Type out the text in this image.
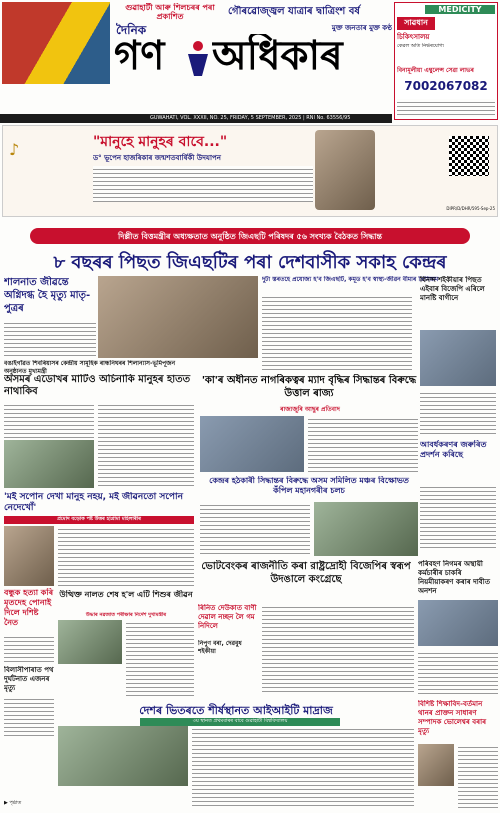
গুৱাহাটী আৰু শিলচৰৰ পৰা প্ৰকাশিত	গৌৰৱোজ্জ্বল যাত্ৰাৰ দ্বাত্ৰিংশ বৰ্ষ
মুক্ত জনতাৰ মুক্ত কণ্ঠ
দৈনিক
গণ	অধিকাৰ
MEDICITY
সাৱধান
চিকিৎসালয়
কেৱল অতি নিৰ্ভৰযোগ্য
বিনামূলীয়া এম্বুলেন্স সেৱা লাভৰ
7002067082
GUWAHATI, VOL. XXXII, NO. 25, FRIDAY, 5 SEPTEMBER, 2025 | RNI No. 63556/95
♪	"মানুহে মানুহৰ বাবে..."
ড° ভূপেন হাজৰিকাৰ জন্মশতবাৰ্ষিকী উদযাপন
DIPR/D/DHR/595-Sep-25
দিল্লীত বিত্তমন্ত্ৰীৰ অধ্যক্ষতাত অনুষ্ঠিত জিএছটি পৰিষদৰ ৫৬ সংখ্যক বৈঠকত সিদ্ধান্ত
৮ বছৰৰ পিছত জিএছটিৰ পৰা দেশবাসীক সকাহ কেন্দ্ৰৰ
শালনাত জীৱন্তে অগ্নিদগ্ধ হৈ মৃত্যু মাতৃ-পুত্ৰৰ
বঙাইগাঁৱত শিবৰিয়াসৰ কেন্দ্ৰীয় সামূহিক ৰান্ধনিঘৰৰ শিলান্যাস-ভূমিপূজন অনুষ্ঠানত মুখ্যমন্ত্ৰী
দুটা স্তৰতহে প্ৰযোজ্য হ'ব জিএছটি, কমূড হ'ব স্বাস্থ্য-জীৱন বীমাৰ প্ৰিমিয়াম
বিনন্দ শইকীয়াৰ পিছত এইবাৰ বিজেপি এৰিলে মানষ্টি বাগীনে
আবৰ্ধকৰণৰ জৰুৰিত প্ৰদৰ্শন কৰিছে
অসমৰ এডোখৰ মাটিও অচিনাকি মানুহৰ হাতত নাথাকিব
'কা'ৰ অধীনত নাগৰিকত্বৰ ম্যাদ বৃদ্ধিৰ সিদ্ধান্তৰ বিৰুদ্ধে উত্তাল ৰাজ্য
ৰাজ্যজুৰি আছুৰ প্ৰতিবাদ
'মই সপোন দেখা মানুহ নহয়, মই জীৱনতো সপোন নেদেখোঁ'
প্ৰমোদ বড়োক পষ্ট উত্তৰ হাগ্ৰামা মহিলাৰীৰ
কেন্দ্ৰৰ হঠকাৰী সিদ্ধান্তৰ বিৰুদ্ধে অসম সমিলিত মঞ্চৰ বিক্ষোভত কঁপিল মহানগৰীৰ চলচ
বন্ধুক হত্যা কৰি মৃতদেহ পোনাই দিলে দশিষ্ট নৈত
বিলাসীপাৰাত পথ দুৰ্ঘটনাত এজনৰ মৃত্যু
উত্থিক্ত নালত শেষ হ'ল এটি শিশুৰ জীৱন
উদ্ধাৰ নৱজাত পৰীক্ষাৰ নিৰ্দেশ দুখামন্ত্ৰীৰ
ভোটবেংকৰ ৰাজনীতি কৰা রাষ্ট্ৰদ্ৰোহী বিজেপিৰ স্বৰূপ উদঙালে কংগ্ৰেছে
ৰিনিত দেউকাত বাণী দেৱাল নচ্ছন লৈ গম নিদিলে
নিপুণ বৰা, দেৱবুধ শইকীয়া
পৰিবহণ নিগমৰ অস্থায়ী কৰ্মচাৰীৰ চাকৰি নিয়মীয়াকৰণ কৰাৰ দাবীত অনশন
দেশৰ ভিতৰতে শীৰ্ষস্থানত আইআইটি মাদ্ৰাজ
৩য় স্থানত প্ৰথমবাৰৰ বাবে গুৱাহাটী বিশ্ববিদ্যালয়
বিশিষ্ট শিক্ষাবিদ-বৰ্তমান থানৰ প্ৰাক্তন সাধাৰণ সম্পাদক ভোলেশ্বৰ বৰাৰ মৃত্যু
▶ পৃষ্ঠাত
